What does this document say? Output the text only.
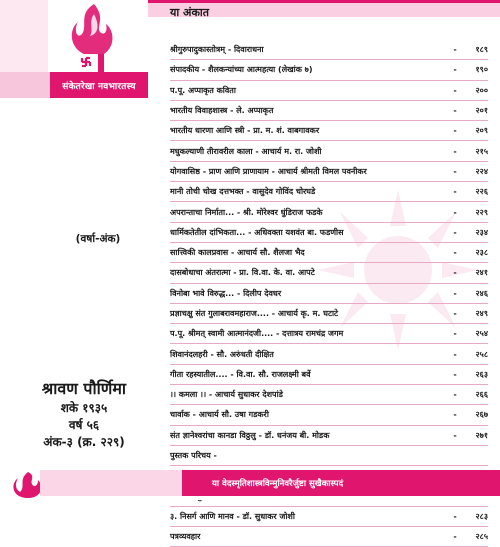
संकेतरेखा नवभारतस्य
(वर्षा-अंक)
श्रावण पौर्णिमा
शके १९३५
वर्ष ५६
अंक-३ (क्र. २२९)
या अंकात
श्रीगुरुपादुकास्तोत्रम् - दिवाराधना	-	१८९
संपादकीय - शैलकन्यांच्या आत्महत्या (लेखांक ७)	-	१९०
प.पू. अप्पाकृत कविता	-	२००
भारतीय विवाहशास्त्र - ले. अप्पाकृत	-	२०१
भारतीय धारणा आणि स्त्री - प्रा. म. शं. वाबगावकर	-	२०९
मधुकल्याणी तीरावरील काला - आचार्य म. रा. जोशी	-	२१५
योगवासिष्ठ - प्राण आणि प्राणायाम - आचार्य श्रीमती विमल पवनीकर	-	२२४
मानी तोची चोख दत्तभक्त - वासुदेव गोविंद चोरघडे	-	२२६
अपरान्ताचा निर्माता... - श्री. मोरेश्वर धुंडिराज फडके	-	२२९
धार्मिकतेतील दांभिकता... - अधिवक्ता यशवंत बा. फडणीस	-	२३४
सात्त्विकी कालप्रवास - आचार्य सौ. शैलजा भैद	-	२३८
दासबोधाचा अंतरात्मा - प्रा. वि.वा. के. वा. आपटे	-	२४१
विनोबा भावे विरुद्ध... - दिलीप देवधर	-	२४६
प्रज्ञाचक्षु संत गुलाबरावमहाराज.... - आचार्य कृ. म. घटाटे	-	२४९
प.पू. श्रीमत् स्वामी आत्मानंदजी.... - दत्तात्रय रामचंद्र जगम	-	२५४
शिवानंदलहरी - सौ. अरुंधती दीक्षित	-	२५८
गीता रहस्यातील.... - वि.वा. सौ. राजलक्ष्मी बर्वे	-	२६३
।। कमला ।। - आचार्य सुधाकर देशपांडे	-	२६६
चार्वाक - आचार्य सौ. उषा गडकरी	-	२६७
संत ज्ञानेश्वरांचा कानडा विठ्ठलु - डॉ. धनंजय बी. मोडक	-	२७१
पुस्तक परिचय -
३. निसर्ग आणि मानव - डॉ. सुधाकर जोशी	-	२८३
पत्रव्यवहार	-	२८५
या वेदस्मृतिशास्त्रविन्मुनिवरैर्जुष्टा सुखैकास्पदं
